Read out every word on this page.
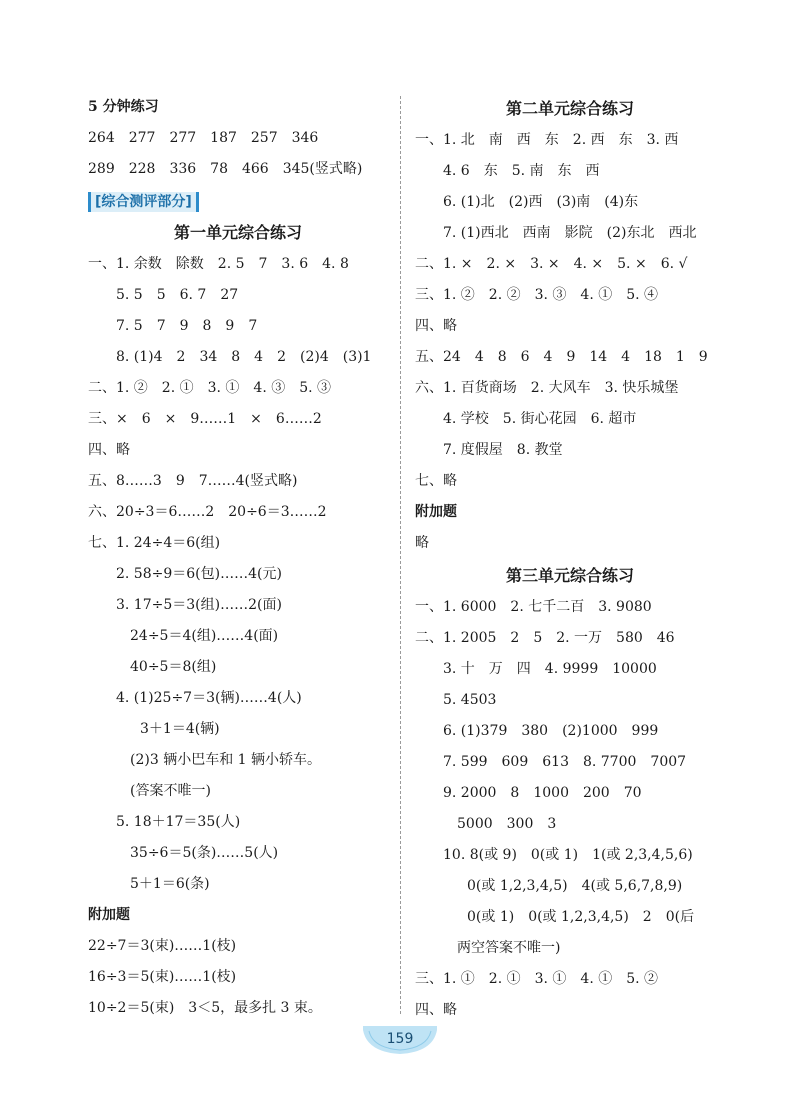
5 分钟练习
264　277　277　187　257　346
289　228　336　78　466　345(竖式略)
[综合测评部分]
第一单元综合练习
一、1. 余数　除数　2. 5　7　3. 6　4. 8
5. 5　5　6. 7　27
7. 5　7　9　8　9　7
8. (1)4　2　34　8　4　2　(2)4　(3)1
二、1. ②　2. ①　3. ①　4. ③　5. ③
三、×　6　×　9……1　×　6……2
四、略
五、8……3　9　7……4(竖式略)
六、20÷3＝6……2　20÷6＝3……2
七、1. 24÷4＝6(组)
2. 58÷9＝6(包)……4(元)
3. 17÷5＝3(组)……2(面)
24÷5＝4(组)……4(面)
40÷5＝8(组)
4. (1)25÷7＝3(辆)……4(人)
3＋1＝4(辆)
(2)3 辆小巴车和 1 辆小轿车。
(答案不唯一)
5. 18＋17＝35(人)
35÷6＝5(条)……5(人)
5＋1＝6(条)
附加题
22÷7＝3(束)……1(枝)
16÷3＝5(束)……1(枝)
10÷2＝5(束)　3＜5，最多扎 3 束。
第二单元综合练习
一、1. 北　南　西　东　2. 西　东　3. 西
4. 6　东　5. 南　东　西
6. (1)北　(2)西　(3)南　(4)东
7. (1)西北　西南　影院　(2)东北　西北
二、1. ×　2. ×　3. ×　4. ×　5. ×　6. √
三、1. ②　2. ②　3. ③　4. ①　5. ④
四、略
五、24　4　8　6　4　9　14　4　18　1　9
六、1. 百货商场　2. 大风车　3. 快乐城堡
4. 学校　5. 街心花园　6. 超市
7. 度假屋　8. 教堂
七、略
附加题
略
第三单元综合练习
一、1. 6000　2. 七千二百　3. 9080
二、1. 2005　2　5　2. 一万　580　46
3. 十　万　四　4. 9999　10000
5. 4503
6. (1)379　380　(2)1000　999
7. 599　609　613　8. 7700　7007
9. 2000　8　1000　200　70
5000　300　3
10. 8(或 9)　0(或 1)　1(或 2,3,4,5,6)
0(或 1,2,3,4,5)　4(或 5,6,7,8,9)
0(或 1)　0(或 1,2,3,4,5)　2　0(后
两空答案不唯一)
三、1. ①　2. ①　3. ①　4. ①　5. ②
四、略
159
